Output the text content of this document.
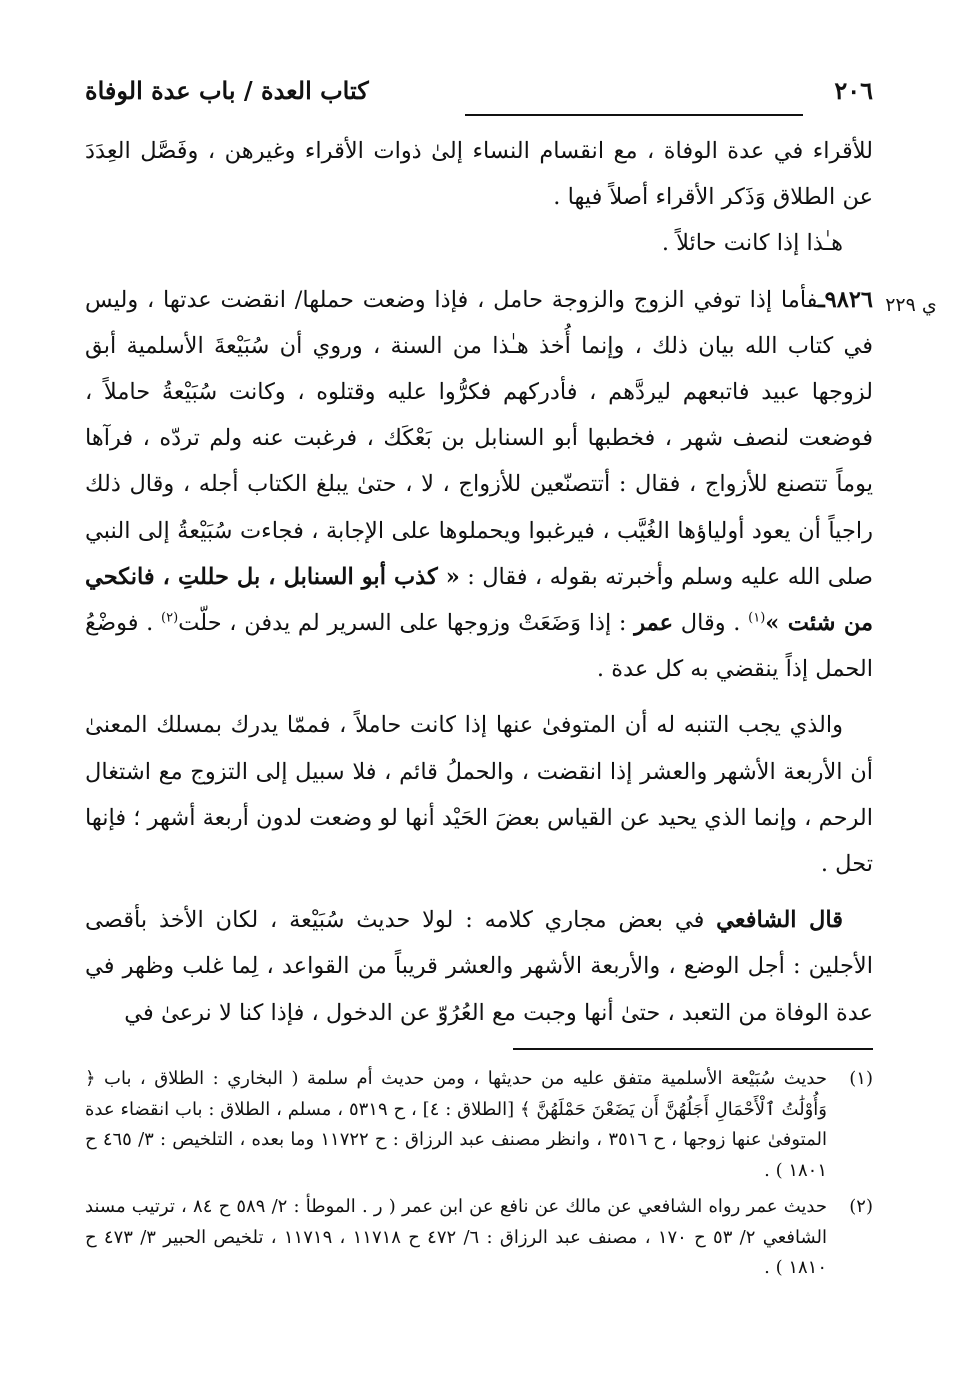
٢٠٦
كتاب العدة / باب عدة الوفاة
ي ٢٢٩

للأقراء في عدة الوفاة ، مع انقسام النساء إلىٰ ذوات الأقراء وغيرهن ، وفَصَّل العِدَدَ عن الطلاق وَذَكر الأقراء أصلاً فيها .

هـٰذا إذا كانت حائلاً .

٩٨٢٦ـفأما إذا توفي الزوج والزوجة حامل ، فإذا وضعت حملها/ انقضت عدتها ، وليس في كتاب الله بيان ذلك ، وإنما أُخذ هـٰذا من السنة ، وروي أن سُبَيْعةَ الأسلمية أبق لزوجها عبيد فاتبعهم ليردَّهم ، فأدركهم فكرُّوا عليه وقتلوه ، وكانت سُبَيْعةُ حاملاً ، فوضعت لنصف شهر ، فخطبها أبو السنابل بن بَعْكَك ، فرغبت عنه ولم تردّه ، فرآها يوماً تتصنع للأزواج ، فقال : أتتصنّعين للأزواج ، لا ، حتىٰ يبلغ الكتاب أجله ، وقال ذلك راجياً أن يعود أولياؤها الغُيَّب ، فيرغبوا ويحملوها على الإجابة ، فجاءت سُبَيْعةُ إلى النبي صلى الله عليه وسلم وأخبرته بقوله ، فقال : « كذب أبو السنابل ، بل حللتِ ، فانكحي من شئت »$^{(١)}$ . وقال عمر : إذا وَضَعَتْ وزوجها على السرير لم يدفن ، حلّت$^{(٢)}$ . فوضْعُ الحمل إذاً ينقضي به كل عدة .

والذي يجب التنبه له أن المتوفىٰ عنها إذا كانت حاملاً ، فممّا يدرك بمسلك المعنىٰ أن الأربعة الأشهر والعشر إذا انقضت ، والحملُ قائم ، فلا سبيل إلى التزوج مع اشتغال الرحم ، وإنما الذي يحيد عن القياس بعضَ الحَيْد أنها لو وضعت لدون أربعة أشهر ؛ فإنها تحل .

قال الشافعي في بعض مجاري كلامه : لولا حديث سُبَيْعة ، لكان الأخذ بأقصى الأجلين : أجل الوضع ، والأربعة الأشهر والعشر قريباً من القواعد ، لِما غلب وظهر في عدة الوفاة من التعبد ، حتىٰ أنها وجبت مع العُرُوّ عن الدخول ، فإذا كنا لا نرعىٰ في

(١)
حديث سُبَيْعة الأسلمية متفق عليه من حديثها ، ومن حديث أم سلمة ( البخاري : الطلاق ، باب ﴿ وَأُوْلَٰتُ ٱلْأَحْمَالِ أَجَلُهُنَّ أَن يَضَعْنَ حَمْلَهُنَّ ﴾ [الطلاق : ٤] ، ح ٥٣١٩ ، مسلم ، الطلاق : باب انقضاء عدة المتوفىٰ عنها زوجها ، ح ٣٥١٦ ، وانظر مصنف عبد الرزاق : ح ١١٧٢٢ وما بعده ، التلخيص : ٣/ ٤٦٥ ح ١٨٠١ ) .
(٢)
حديث عمر رواه الشافعي عن مالك عن نافع عن ابن عمر ( ر . الموطأ : ٢/ ٥٨٩ ح ٨٤ ، ترتيب مسند الشافعي ٢/ ٥٣ ح ١٧٠ ، مصنف عبد الرزاق : ٦/ ٤٧٢ ح ١١٧١٨ ، ١١٧١٩ ، تلخيص الحبير ٣/ ٤٧٣ ح ١٨١٠ ) .
